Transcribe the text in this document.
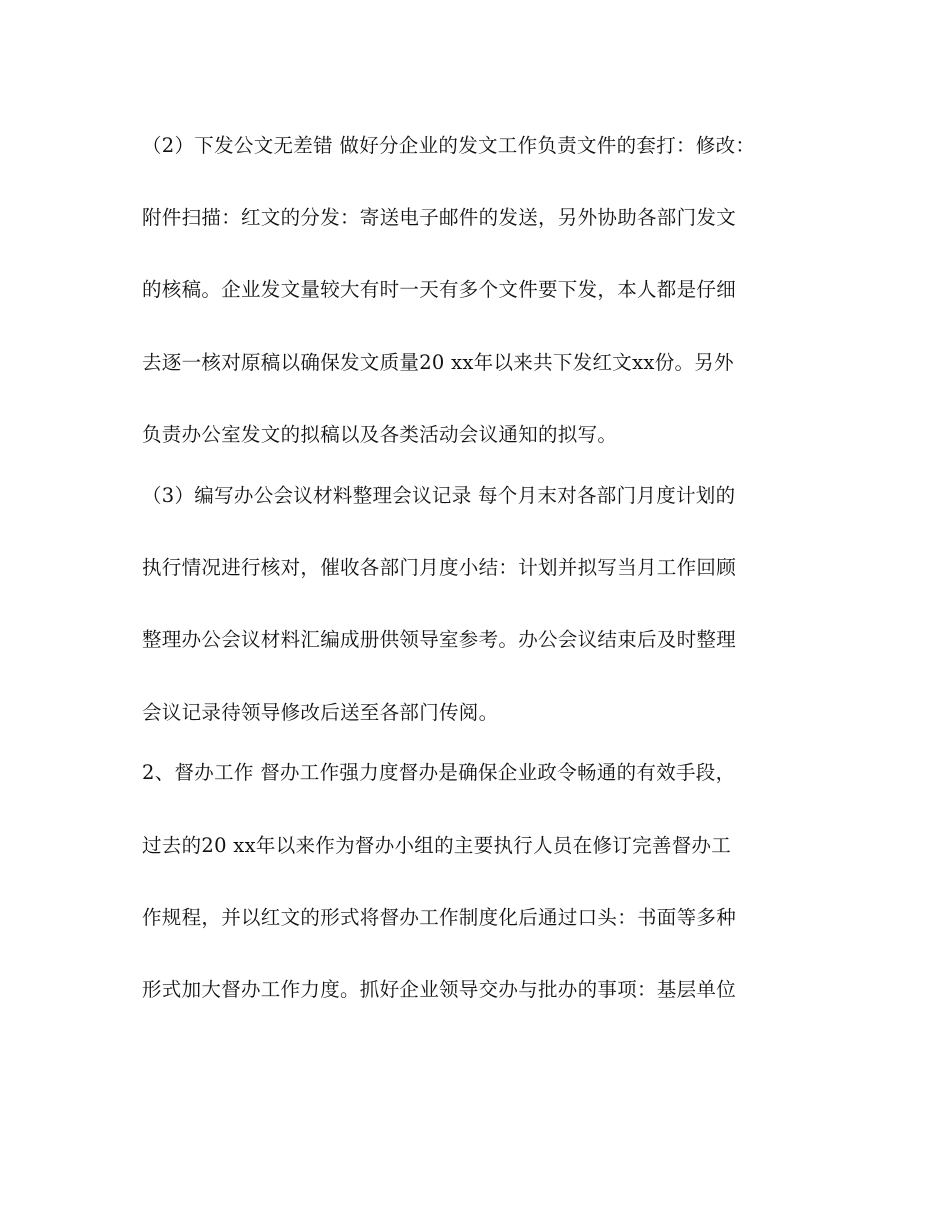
（2）下发公文无差错 做好分企业的发文工作负责文件的套打：修改：
附件扫描：红文的分发：寄送电子邮件的发送，另外协助各部门发文
的核稿。企业发文量较大有时一天有多个文件要下发，本人都是仔细
去逐一核对原稿以确保发文质量20 xx年以来共下发红文xx份。另外
负责办公室发文的拟稿以及各类活动会议通知的拟写。
（3）编写办公会议材料整理会议记录 每个月末对各部门月度计划的
执行情况进行核对，催收各部门月度小结：计划并拟写当月工作回顾
整理办公会议材料汇编成册供领导室参考。办公会议结束后及时整理
会议记录待领导修改后送至各部门传阅。
2、督办工作 督办工作强力度督办是确保企业政令畅通的有效手段，
过去的20 xx年以来作为督办小组的主要执行人员在修订完善督办工
作规程，并以红文的形式将督办工作制度化后通过口头：书面等多种
形式加大督办工作力度。抓好企业领导交办与批办的事项：基层单位
